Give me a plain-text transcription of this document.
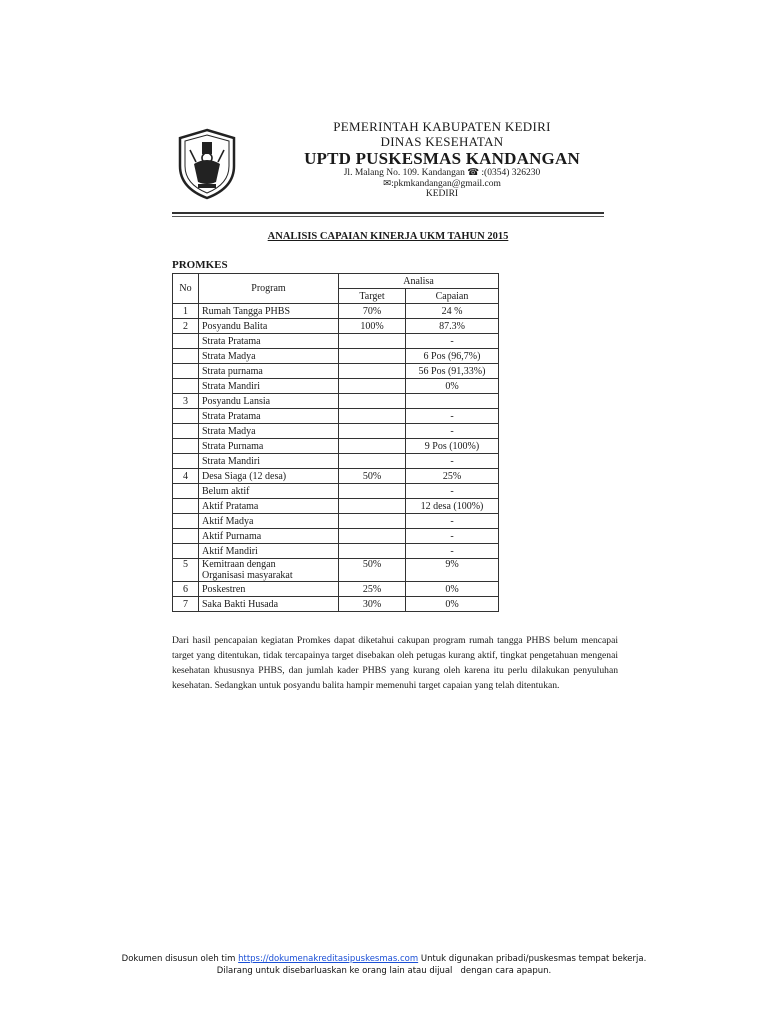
PEMERINTAH KABUPATEN KEDIRI
DINAS KESEHATAN
UPTD PUSKESMAS KANDANGAN
Jl. Malang No. 109. Kandangan ☎ :(0354) 326230
✉:pkmkandangan@gmail.com
KEDIRI
ANALISIS CAPAIAN KINERJA UKM TAHUN 2015
PROMKES
No	Program	Analisa	
		Target	Capaian
1	Rumah Tangga PHBS	70%	24 %
2	Posyandu Balita	100%	87.3%
	Strata Pratama		-
	Strata Madya		6 Pos (96,7%)
	Strata purnama		56 Pos (91,33%)
	Strata Mandiri		0%
3	Posyandu Lansia		
	Strata Pratama		-
	Strata Madya		-
	Strata Purnama		9 Pos (100%)
	Strata Mandiri		-
4	Desa Siaga (12 desa)	50%	25%
	Belum aktif		-
	Aktif Pratama		12 desa (100%)
	Aktif Madya		-
	Aktif Purnama		-
	Aktif Mandiri		-
5	Kemitraan dengan
Organisasi masyarakat	50%	9%
6	Poskestren	25%	0%
7	Saka Bakti Husada	30%	0%
Dari hasil pencapaian kegiatan Promkes dapat diketahui cakupan program rumah tangga PHBS belum mencapai target yang ditentukan, tidak tercapainya target disebakan oleh petugas kurang aktif, tingkat pengetahuan mengenai kesehatan khususnya PHBS, dan jumlah kader PHBS yang kurang oleh karena itu perlu dilakukan penyuluhan kesehatan. Sedangkan untuk posyandu balita hampir memenuhi target capaian yang telah ditentukan.
Dokumen disusun oleh tim https://dokumenakreditasipuskesmas.com Untuk digunakan pribadi/puskesmas tempat bekerja.
Dilarang untuk disebarluaskan ke orang lain atau dijual   dengan cara apapun.
